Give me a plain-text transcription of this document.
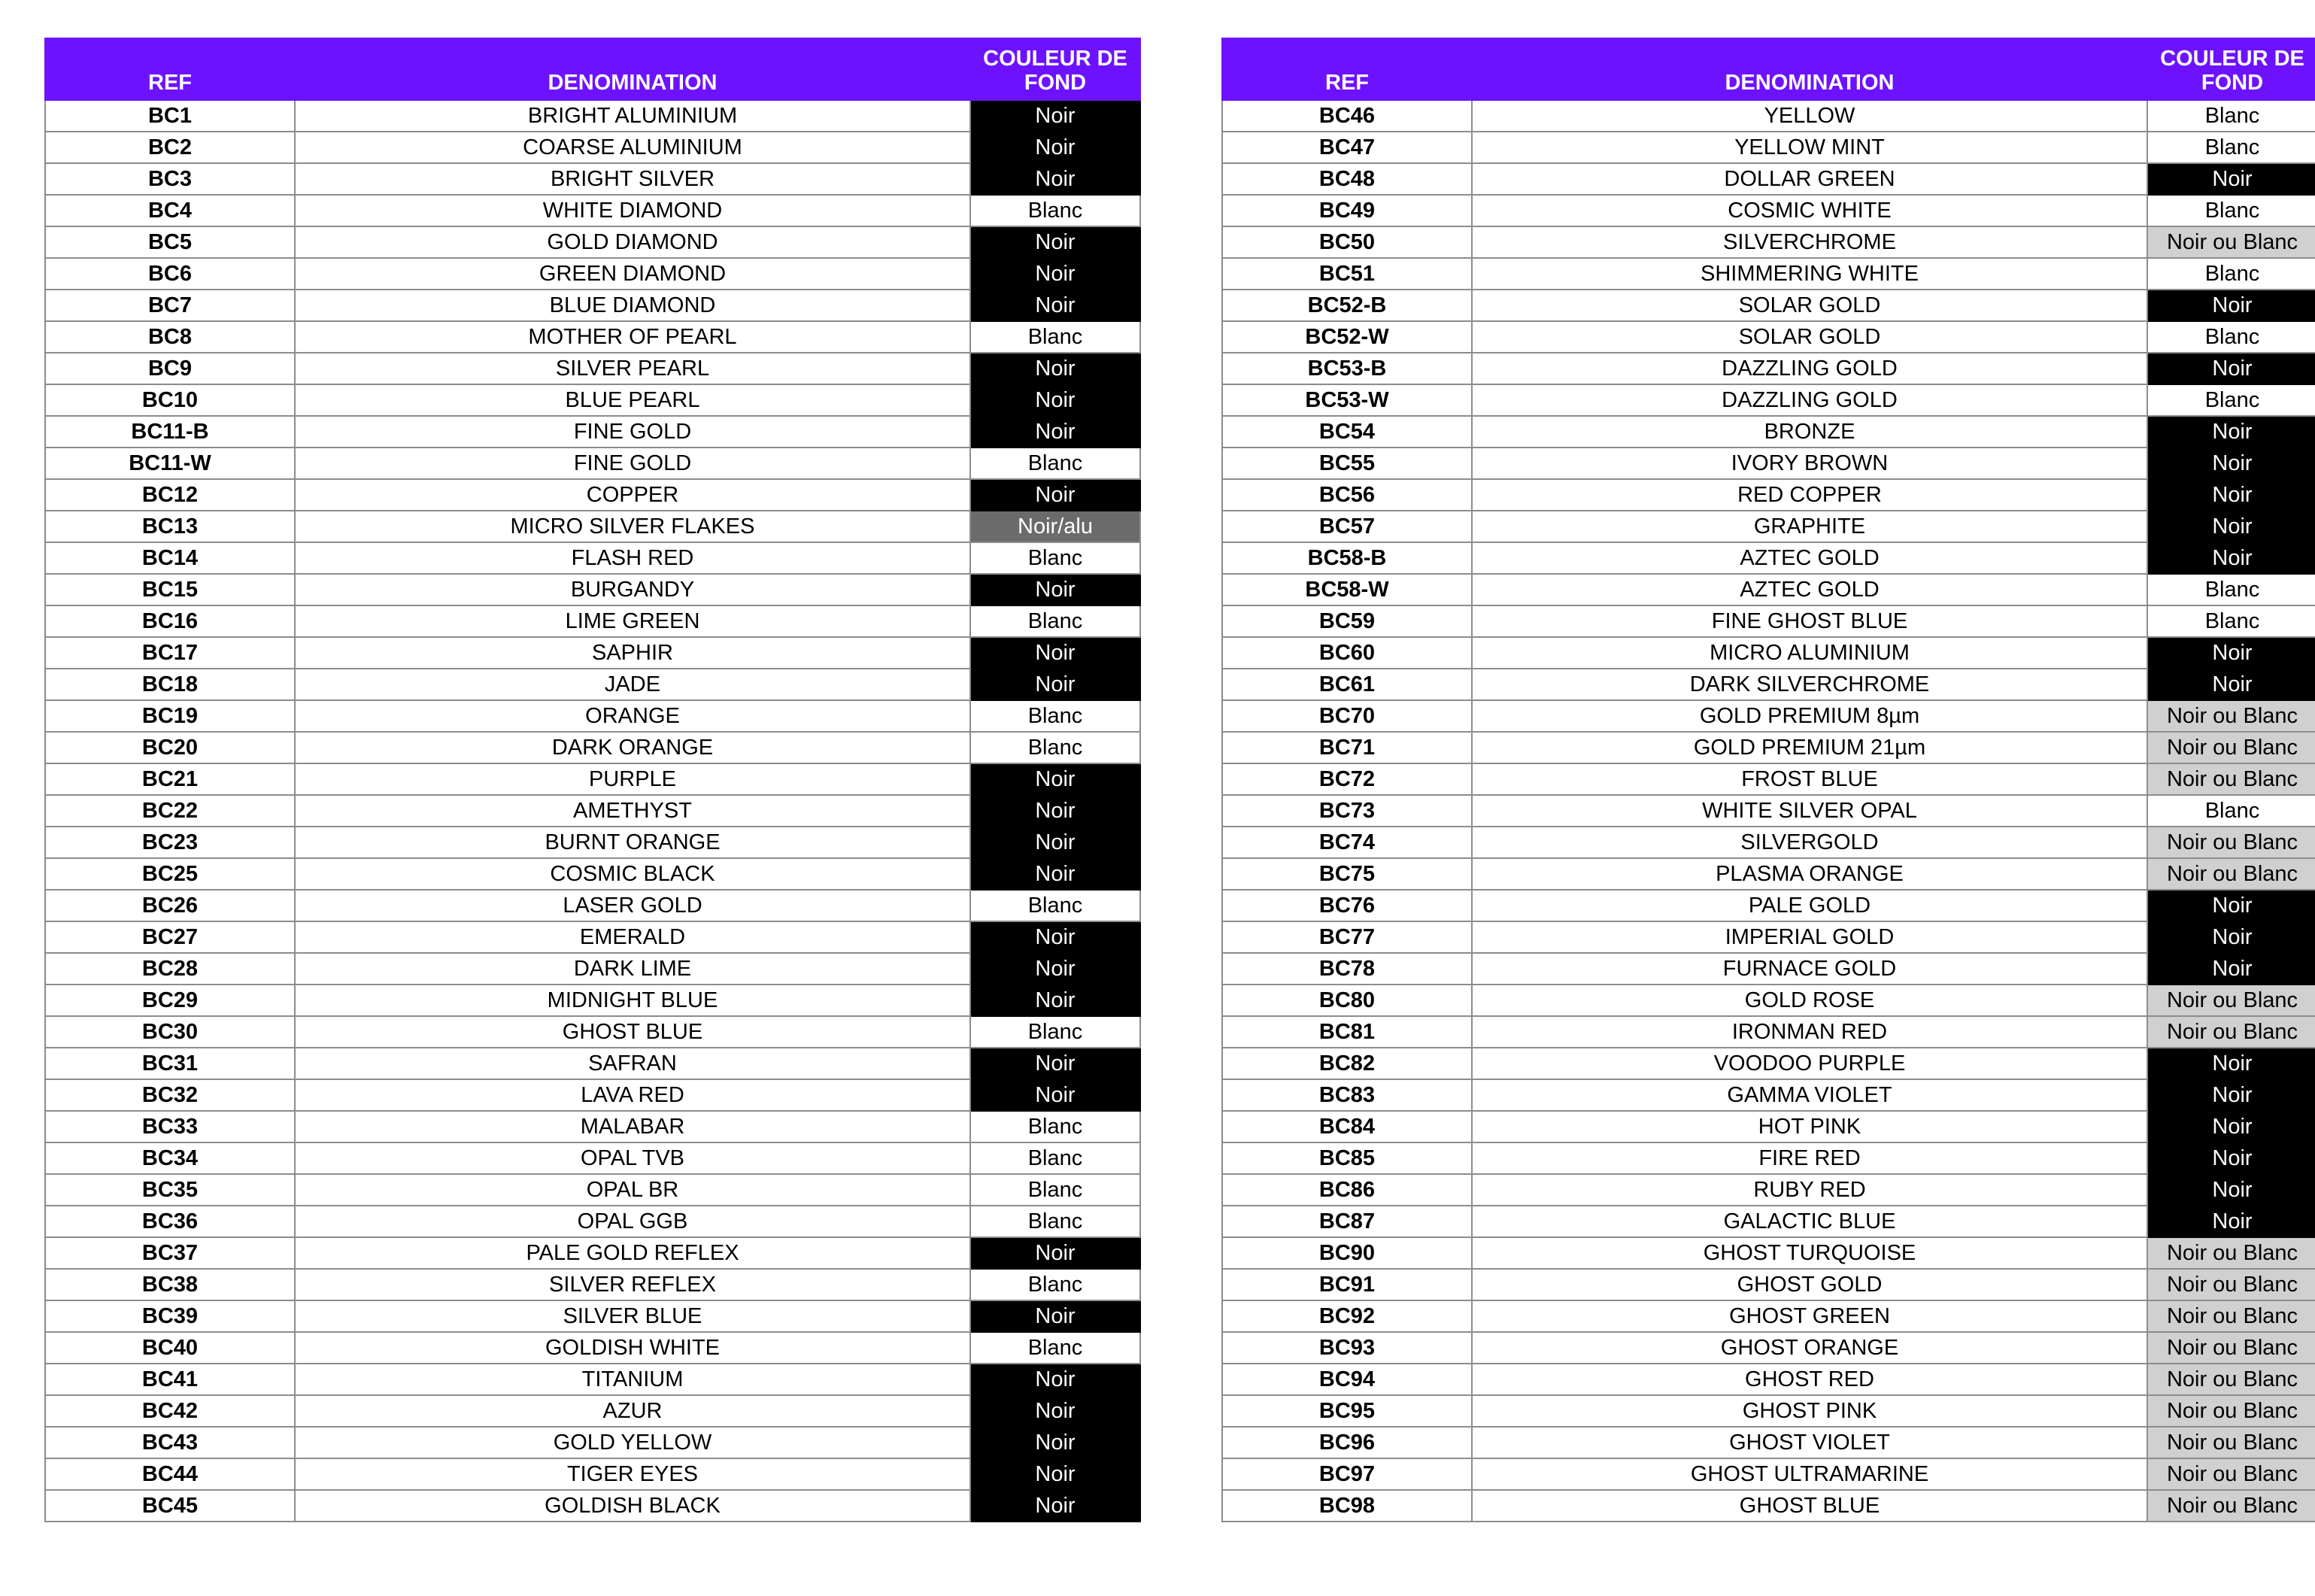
REF	DENOMINATION	COULEUR DE
FOND
BC1	BRIGHT ALUMINIUM	Noir
BC2	COARSE ALUMINIUM	Noir
BC3	BRIGHT SILVER	Noir
BC4	WHITE DIAMOND	Blanc
BC5	GOLD DIAMOND	Noir
BC6	GREEN DIAMOND	Noir
BC7	BLUE DIAMOND	Noir
BC8	MOTHER OF PEARL	Blanc
BC9	SILVER PEARL	Noir
BC10	BLUE PEARL	Noir
BC11-B	FINE GOLD	Noir
BC11-W	FINE GOLD	Blanc
BC12	COPPER	Noir
BC13	MICRO SILVER FLAKES	Noir/alu
BC14	FLASH RED	Blanc
BC15	BURGANDY	Noir
BC16	LIME GREEN	Blanc
BC17	SAPHIR	Noir
BC18	JADE	Noir
BC19	ORANGE	Blanc
BC20	DARK ORANGE	Blanc
BC21	PURPLE	Noir
BC22	AMETHYST	Noir
BC23	BURNT ORANGE	Noir
BC25	COSMIC BLACK	Noir
BC26	LASER GOLD	Blanc
BC27	EMERALD	Noir
BC28	DARK LIME	Noir
BC29	MIDNIGHT BLUE	Noir
BC30	GHOST BLUE	Blanc
BC31	SAFRAN	Noir
BC32	LAVA RED	Noir
BC33	MALABAR	Blanc
BC34	OPAL TVB	Blanc
BC35	OPAL BR	Blanc
BC36	OPAL GGB	Blanc
BC37	PALE GOLD REFLEX	Noir
BC38	SILVER REFLEX	Blanc
BC39	SILVER BLUE	Noir
BC40	GOLDISH WHITE	Blanc
BC41	TITANIUM	Noir
BC42	AZUR	Noir
BC43	GOLD YELLOW	Noir
BC44	TIGER EYES	Noir
BC45	GOLDISH BLACK	Noir
REF	DENOMINATION	COULEUR DE
FOND
BC46	YELLOW	Blanc
BC47	YELLOW MINT	Blanc
BC48	DOLLAR GREEN	Noir
BC49	COSMIC WHITE	Blanc
BC50	SILVERCHROME	Noir ou Blanc
BC51	SHIMMERING WHITE	Blanc
BC52-B	SOLAR GOLD	Noir
BC52-W	SOLAR GOLD	Blanc
BC53-B	DAZZLING GOLD	Noir
BC53-W	DAZZLING GOLD	Blanc
BC54	BRONZE	Noir
BC55	IVORY BROWN	Noir
BC56	RED COPPER	Noir
BC57	GRAPHITE	Noir
BC58-B	AZTEC GOLD	Noir
BC58-W	AZTEC GOLD	Blanc
BC59	FINE GHOST BLUE	Blanc
BC60	MICRO ALUMINIUM	Noir
BC61	DARK SILVERCHROME	Noir
BC70	GOLD PREMIUM 8µm	Noir ou Blanc
BC71	GOLD PREMIUM 21µm	Noir ou Blanc
BC72	FROST BLUE	Noir ou Blanc
BC73	WHITE SILVER OPAL	Blanc
BC74	SILVERGOLD	Noir ou Blanc
BC75	PLASMA ORANGE	Noir ou Blanc
BC76	PALE GOLD	Noir
BC77	IMPERIAL GOLD	Noir
BC78	FURNACE GOLD	Noir
BC80	GOLD ROSE	Noir ou Blanc
BC81	IRONMAN RED	Noir ou Blanc
BC82	VOODOO PURPLE	Noir
BC83	GAMMA VIOLET	Noir
BC84	HOT PINK	Noir
BC85	FIRE RED	Noir
BC86	RUBY RED	Noir
BC87	GALACTIC BLUE	Noir
BC90	GHOST TURQUOISE	Noir ou Blanc
BC91	GHOST GOLD	Noir ou Blanc
BC92	GHOST GREEN	Noir ou Blanc
BC93	GHOST ORANGE	Noir ou Blanc
BC94	GHOST RED	Noir ou Blanc
BC95	GHOST PINK	Noir ou Blanc
BC96	GHOST VIOLET	Noir ou Blanc
BC97	GHOST ULTRAMARINE	Noir ou Blanc
BC98	GHOST BLUE	Noir ou Blanc
